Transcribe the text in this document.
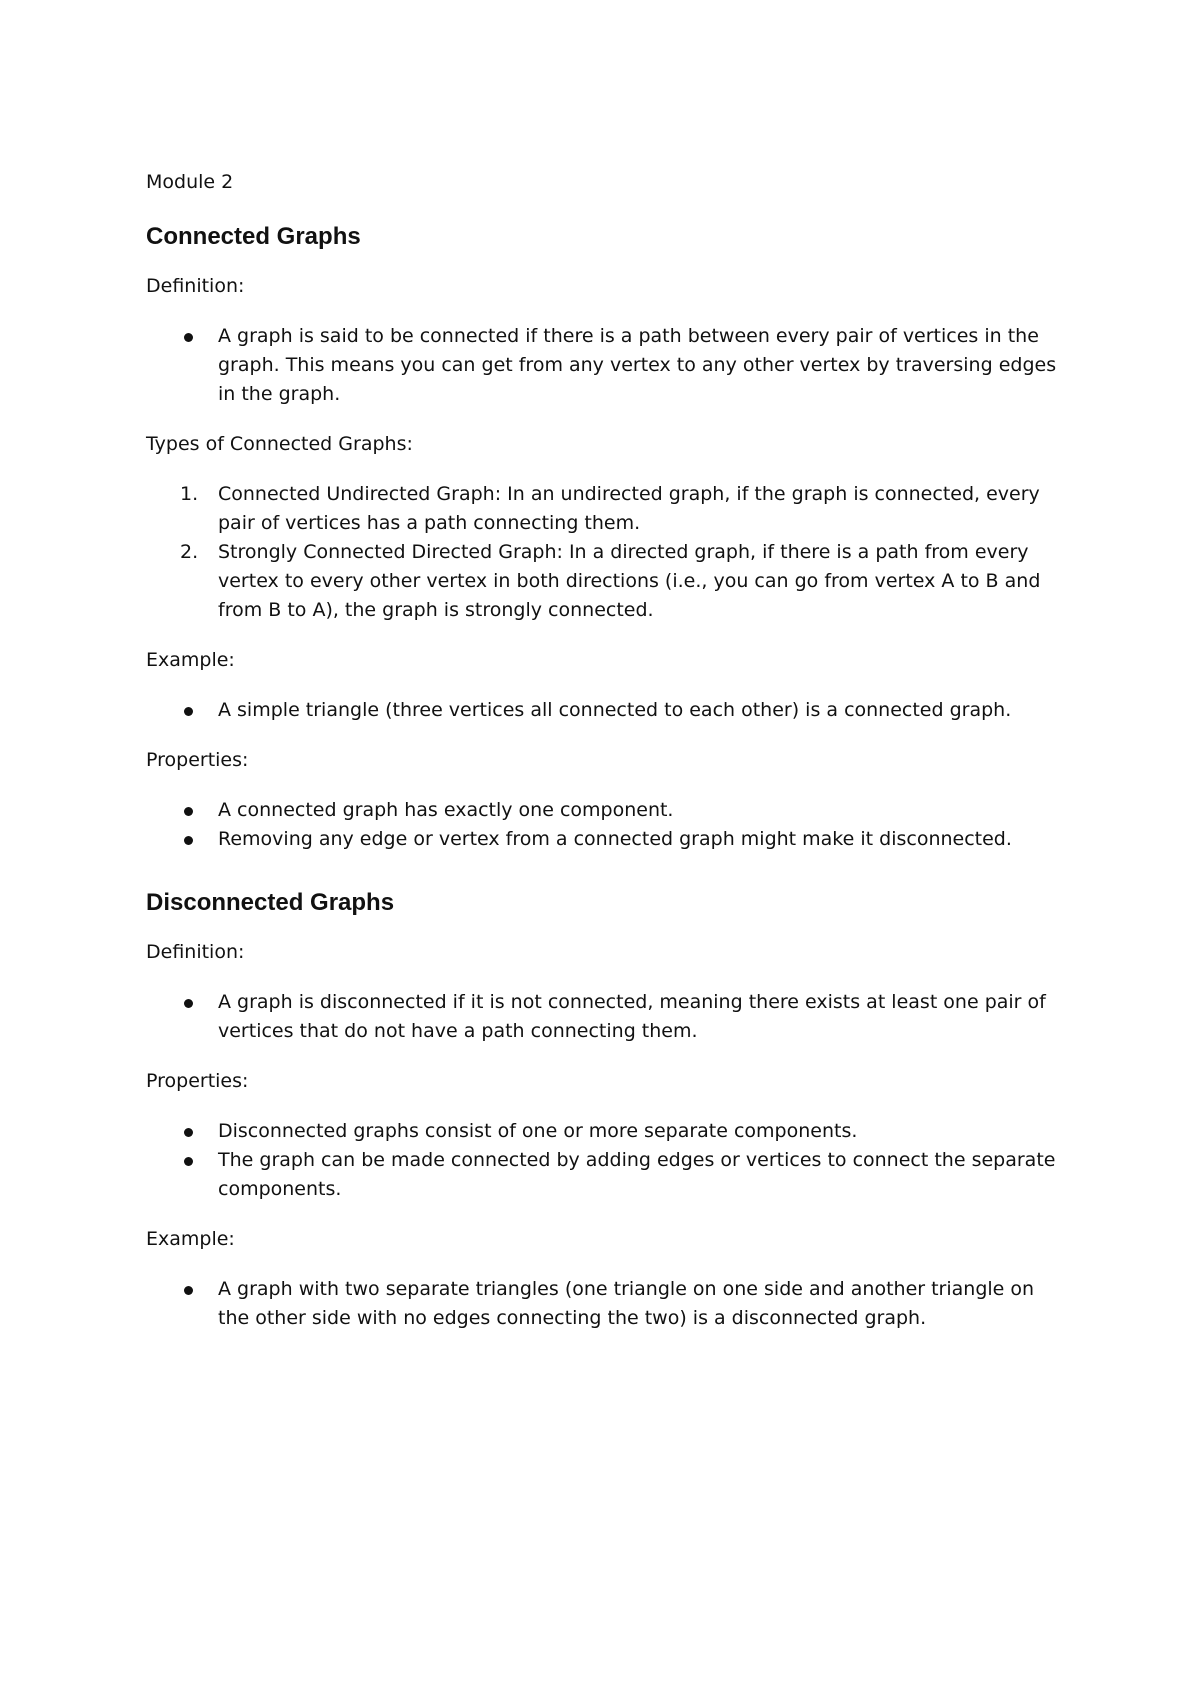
Module 2

Connected Graphs

Definition:

A graph is said to be connected if there is a path between every pair of vertices in the graph. This means you can get from any vertex to any other vertex by traversing edges in the graph.

Types of Connected Graphs:

1. Connected Undirected Graph: In an undirected graph, if the graph is connected, every pair of vertices has a path connecting them.
2. Strongly Connected Directed Graph: In a directed graph, if there is a path from every vertex to every other vertex in both directions (i.e., you can go from vertex A to B and from B to A), the graph is strongly connected.

Example:

A simple triangle (three vertices all connected to each other) is a connected graph.

Properties:

A connected graph has exactly one component.
Removing any edge or vertex from a connected graph might make it disconnected.
Disconnected Graphs

Definition:

A graph is disconnected if it is not connected, meaning there exists at least one pair of vertices that do not have a path connecting them.

Properties:

Disconnected graphs consist of one or more separate components.
The graph can be made connected by adding edges or vertices to connect the separate components.

Example:

A graph with two separate triangles (one triangle on one side and another triangle on the other side with no edges connecting the two) is a disconnected graph.
